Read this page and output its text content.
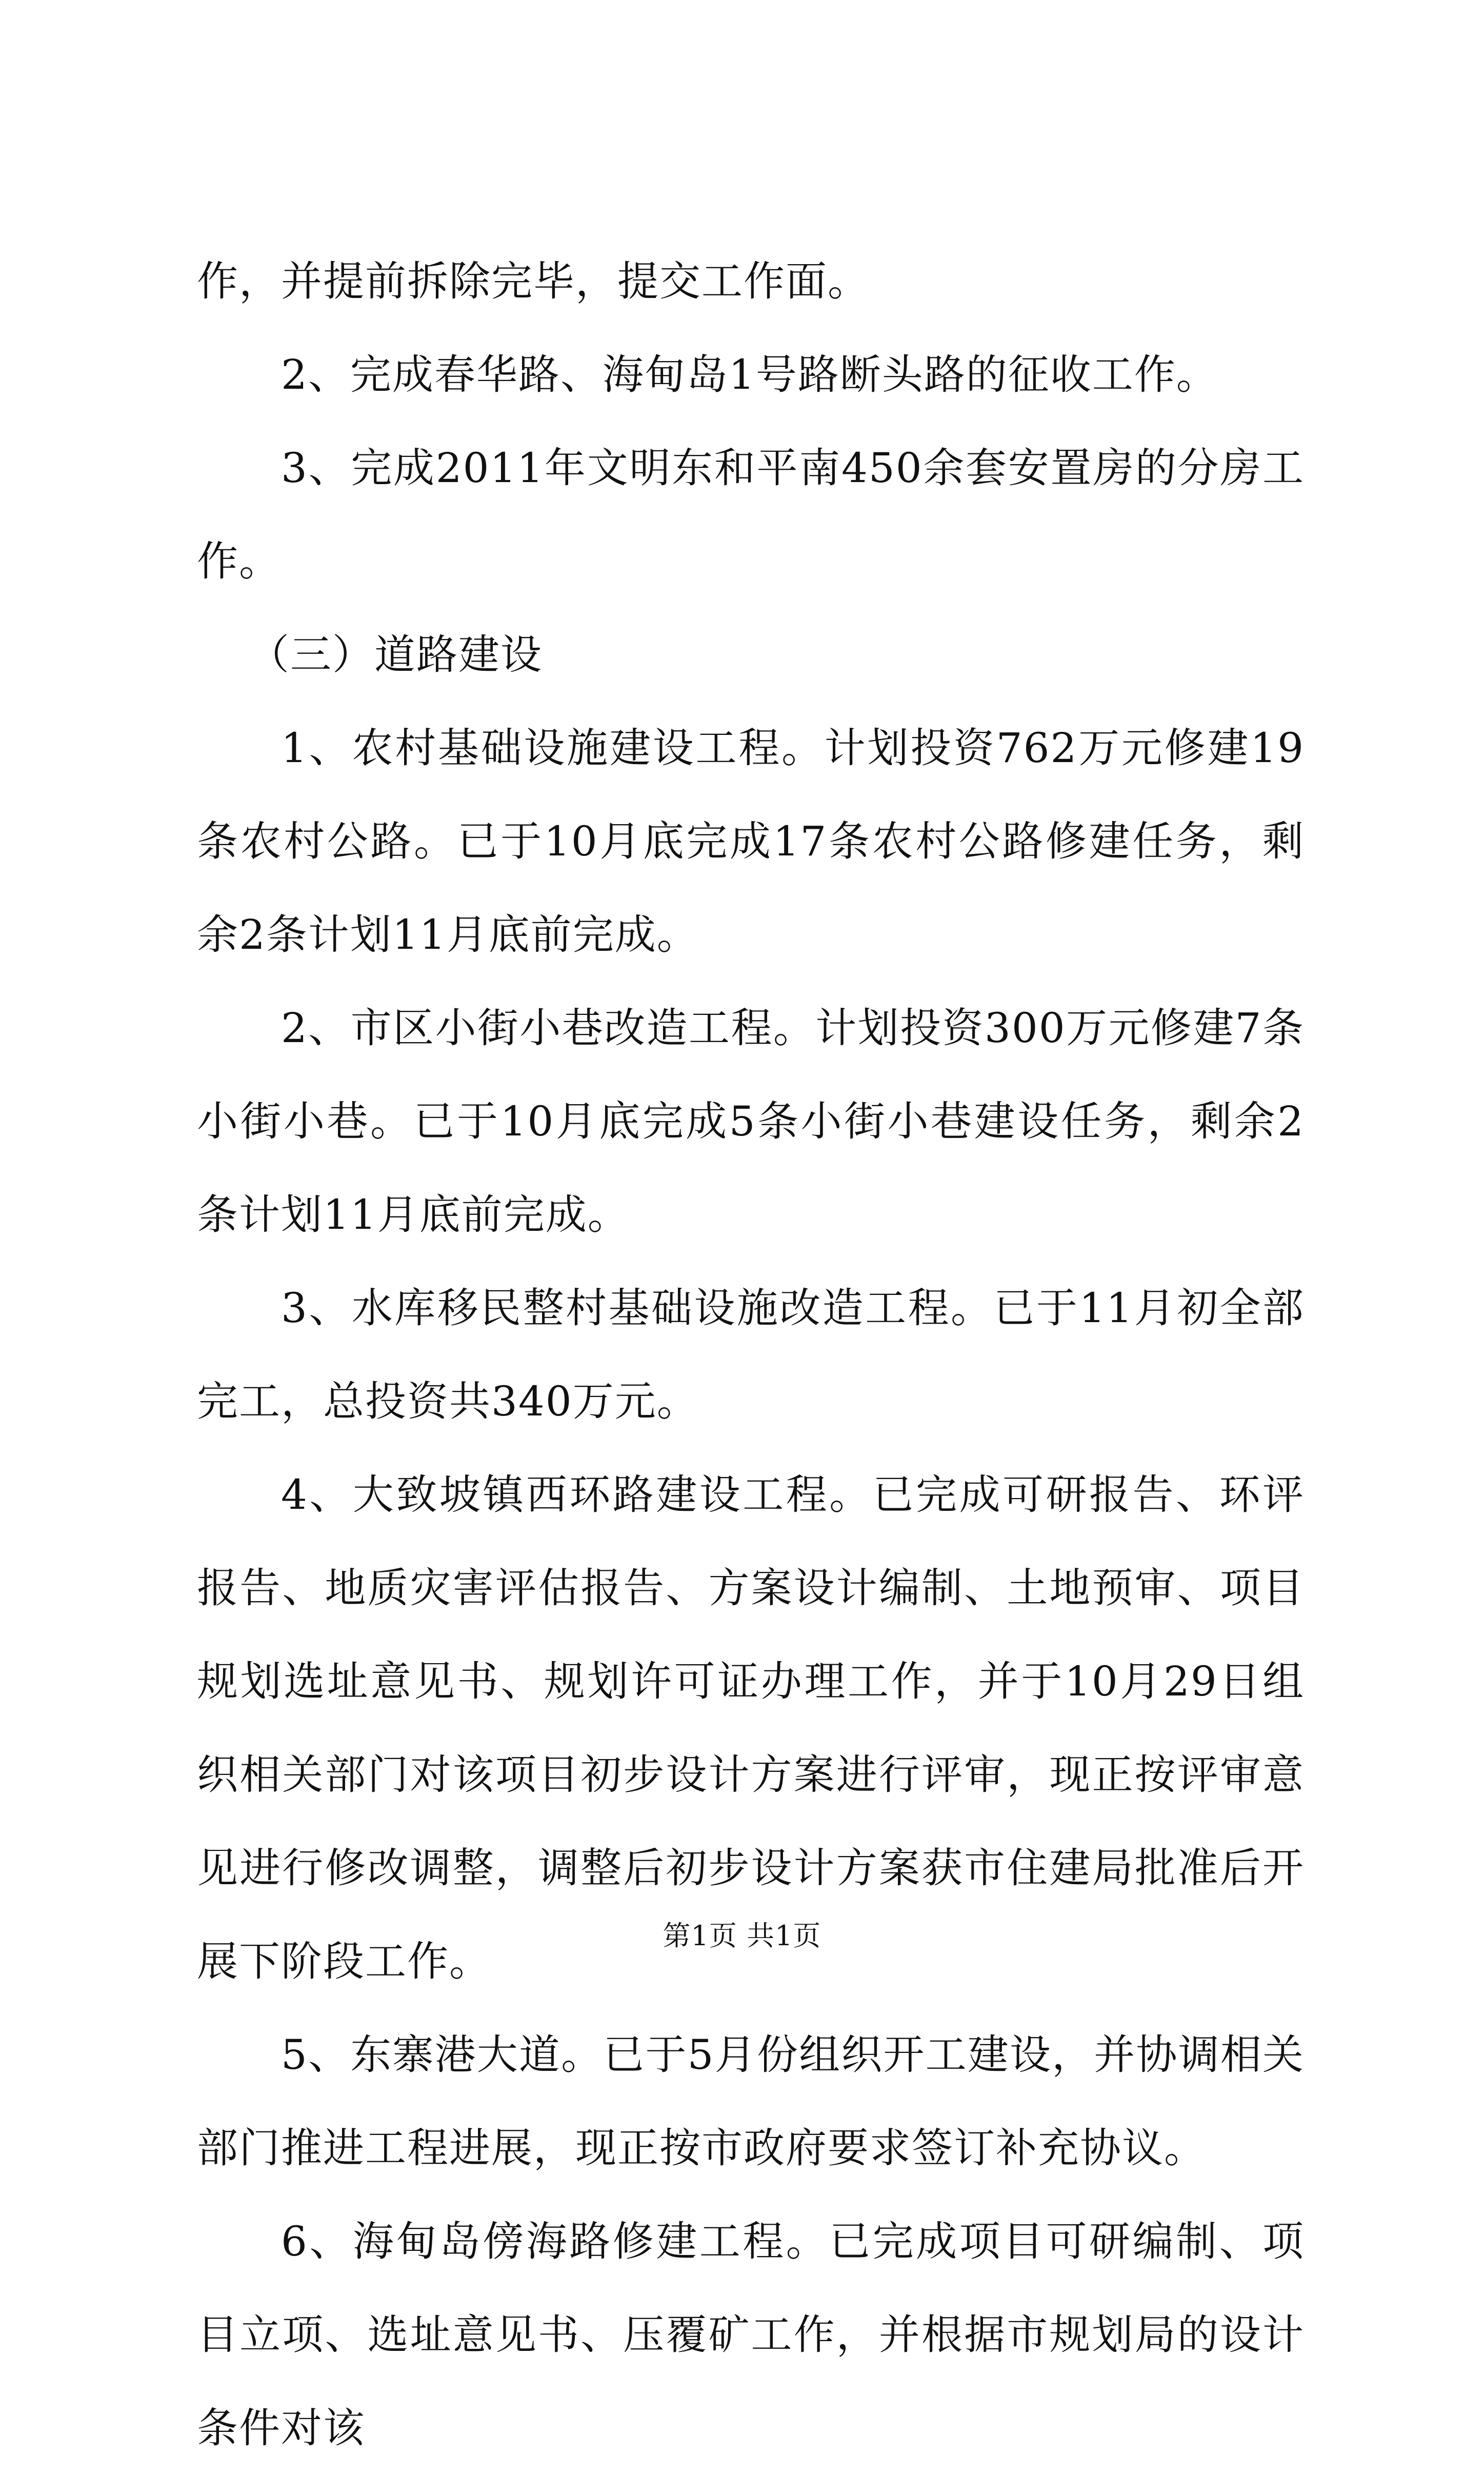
作，并提前拆除完毕，提交工作面。

2、完成春华路、海甸岛1号路断头路的征收工作。

3、完成2011年文明东和平南450余套安置房的分房工作。

（三）道路建设

1、农村基础设施建设工程。计划投资762万元修建19条农村公路。已于10月底完成17条农村公路修建任务，剩余2条计划11月底前完成。

2、市区小街小巷改造工程。计划投资300万元修建7条小街小巷。已于10月底完成5条小街小巷建设任务，剩余2条计划11月底前完成。

3、水库移民整村基础设施改造工程。已于11月初全部完工，总投资共340万元。

4、大致坡镇西环路建设工程。已完成可研报告、环评报告、地质灾害评估报告、方案设计编制、土地预审、项目规划选址意见书、规划许可证办理工作，并于10月29日组织相关部门对该项目初步设计方案进行评审，现正按评审意见进行修改调整，调整后初步设计方案获市住建局批准后开展下阶段工作。

5、东寨港大道。已于5月份组织开工建设，并协调相关部门推进工程进展，现正按市政府要求签订补充协议。

6、海甸岛傍海路修建工程。已完成项目可研编制、项目立项、选址意见书、压覆矿工作，并根据市规划局的设计条件对该

第1页 共1页
